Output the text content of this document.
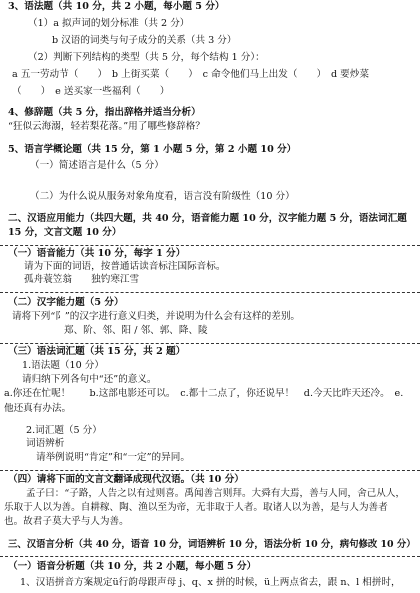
3、语法题（共 10 分，共 2 小题，每小题 5 分）
（1）a 拟声词的划分标准（共 2 分）
b 汉语的词类与句子成分的关系（共 3 分）
（2）判断下列结构的类型（共 5 分，每个结构 1 分）：
a 五一劳动节（　　）　b 上街买菜（　　）　c 命令他们马上出发（　　）　d 要炒菜
（　　）　e 送买家一些福利（　　）
4、修辞题（共 5 分，指出辞格并适当分析）
“狂似云海溺，轻若梨花落。”用了哪些修辞格？
5、语言学概论题（共 15 分，第 1 小题 5 分，第 2 小题 10 分）
（一）简述语言是什么（5 分）
（二）为什么说从服务对象角度看，语言没有阶级性（10 分）
二、汉语应用能力（共四大题，共 40 分，语音能力题 10 分，汉字能力题 5 分，语法词汇题
15 分，文言文题 10 分）
（一）语音能力（共 10 分，每字 1 分）
请为下面的词语，按普通话读音标注国际音标。
孤舟蓑笠翁　　独钓寒江雪
（二）汉字能力题（5 分）
请将下列“阝”的汉字进行意义归类，并说明为什么会有这样的差别。
郑、阶、邻、阳 / 邻、郭、降、陵
（三）语法词汇题（共 15 分，共 2 题）
1.语法题（10 分）
请归纳下列各句中“还”的意义。
a.你还在忙呢！　　b.这部电影还可以。　c.都十二点了，你还说早！　d.今天比昨天还冷。　e.
他还真有办法。
2.词汇题（5 分）
词语辨析
请举例说明“肯定”和“一定”的异同。
（四）请将下面的文言文翻译成现代汉语。（共 10 分）
孟子曰：“子路，人告之以有过则喜。禹闻善言则拜。大舜有大焉，善与人同，舍己从人，
乐取于人以为善。自耕稼、陶、渔以至为帝，无非取于人者。取诸人以为善，是与人为善者
也。故君子莫大乎与人为善。
三、汉语言分析（共 40 分，语音 10 分，词语辨析 10 分，语法分析 10 分，病句修改 10 分）
（一）语音分析题（共 10 分，共 2 小题，每小题 5 分）
1、汉语拼音方案规定ü行韵母跟声母 j、q、x 拼的时候，ü上两点省去，跟 n、l 相拼时，
